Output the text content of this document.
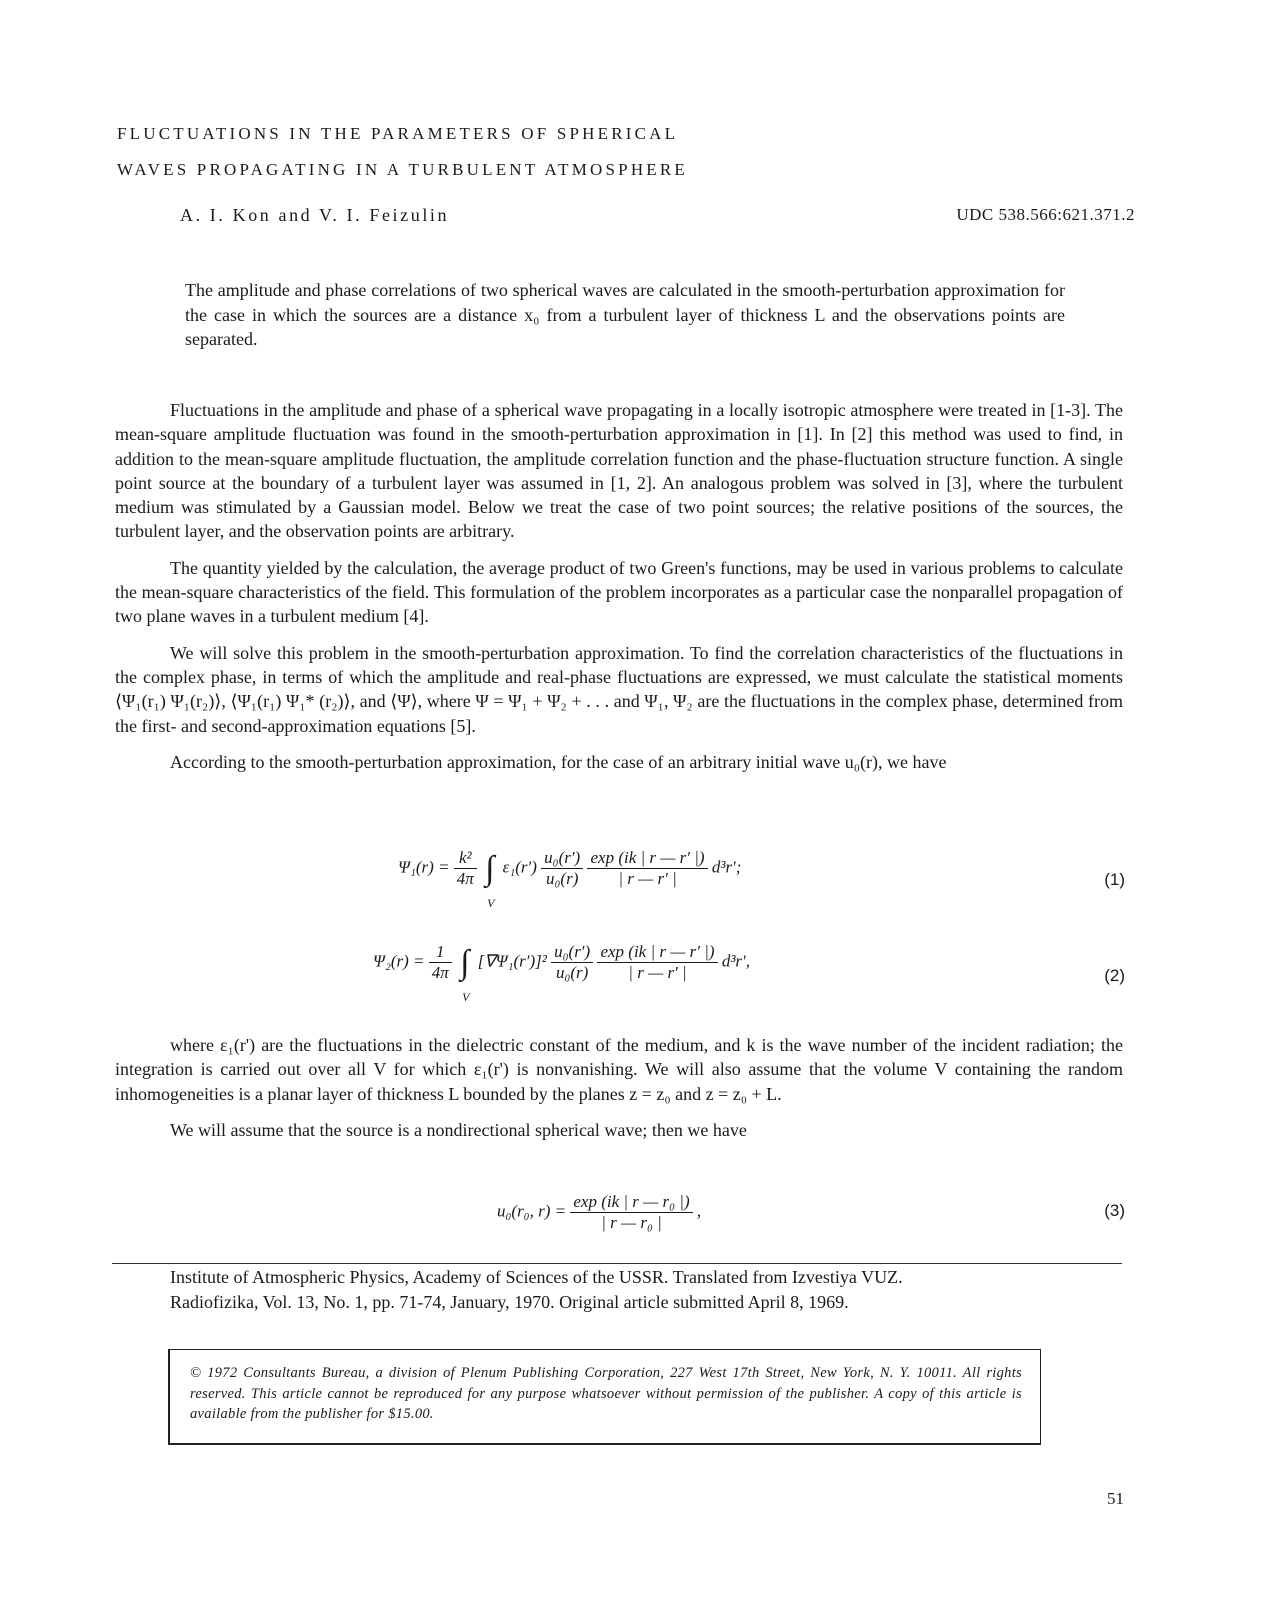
FLUCTUATIONS IN THE PARAMETERS OF SPHERICAL
WAVES PROPAGATING IN A TURBULENT ATMOSPHERE
A. I. Kon and V. I. Feizulin	UDC 538.566:621.371.2
The amplitude and phase correlations of two spherical waves are calculated in the smooth-perturbation approximation for the case in which the sources are a distance x₀ from a turbulent layer of thickness L and the observations points are separated.

Fluctuations in the amplitude and phase of a spherical wave propagating in a locally isotropic atmosphere were treated in [1-3]. The mean-square amplitude fluctuation was found in the smooth-perturbation approximation in [1]. In [2] this method was used to find, in addition to the mean-square amplitude fluctuation, the amplitude correlation function and the phase-fluctuation structure function. A single point source at the boundary of a turbulent layer was assumed in [1, 2]. An analogous problem was solved in [3], where the turbulent medium was stimulated by a Gaussian model. Below we treat the case of two point sources; the relative positions of the sources, the turbulent layer, and the observation points are arbitrary.

The quantity yielded by the calculation, the average product of two Green's functions, may be used in various problems to calculate the mean-square characteristics of the field. This formulation of the problem incorporates as a particular case the nonparallel propagation of two plane waves in a turbulent medium [4].

We will solve this problem in the smooth-perturbation approximation. To find the correlation characteristics of the fluctuations in the complex phase, in terms of which the amplitude and real-phase fluctuations are expressed, we must calculate the statistical moments ⟨Ψ₁(r₁) Ψ₁(r₂)⟩, ⟨Ψ₁(r₁) Ψ₁* (r₂)⟩, and ⟨Ψ⟩, where Ψ = Ψ₁ + Ψ₂ + . . . and Ψ₁, Ψ₂ are the fluctuations in the complex phase, determined from the first- and second-approximation equations [5].

According to the smooth-perturbation approximation, for the case of an arbitrary initial wave u₀(r), we have

$\Psi_1(r) = \frac{\text{k²}}{4\pi}$ ∫
V
$\varepsilon_1(r') \frac{\text{u₀(r′)}}{\text{u₀(r)}}$
$\frac{\exp (ik | r — r' |)}{| r — r' |} d^3r'$;
(1)
$\Psi_2(r) = \frac{1}{4\pi}$ ∫
V
$[\nabla\Psi_1(r')]^2 \frac{\text{u₀(r′)}}{\text{u₀(r)}}$
$\frac{\exp (ik | r — r' |)}{| r — r' |} d^3r'$,
(2)

where ε₁(r') are the fluctuations in the dielectric constant of the medium, and k is the wave number of the incident radiation; the integration is carried out over all V for which ε₁(r') is nonvanishing. We will also assume that the volume V containing the random inhomogeneities is a planar layer of thickness L bounded by the planes z = z₀ and z = z₀ + L.

We will assume that the source is a nondirectional spherical wave; then we have

u₀(r₀, $r) = \frac{\text{exp (ik | r — r₀ |)}}{\text{| r — r₀ |}}$ ,	(3)
Institute of Atmospheric Physics, Academy of Sciences of the USSR. Translated from Izvestiya VUZ.
Radiofizika, Vol. 13, No. 1, pp. 71-74, January, 1970. Original article submitted April 8, 1969.
© 1972 Consultants Bureau, a division of Plenum Publishing Corporation, 227 West 17th Street, New York, N. Y. 10011. All rights reserved. This article cannot be reproduced for any purpose whatsoever without permission of the publisher. A copy of this article is available from the publisher for $15.00.
51
